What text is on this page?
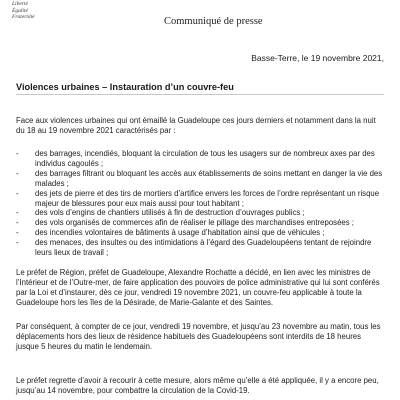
Liberté
Égalité
Fraternité	Communiqué de presse
Basse-Terre, le 19 novembre 2021,
Violences urbaines – Instauration d’un couvre-feu

Face aux violences urbaines qui ont émaillé la Guadeloupe ces jours derniers et notamment dans la nuit du 18 au 19 novembre 2021 caractérisés par :

- des barrages, incendiés, bloquant la circulation de tous les usagers sur de nombreux axes par des individus cagoulés ;
- des barrages filtrant ou bloquant les accès aux établissements de soins mettant en danger la vie des malades ;
- des jets de pierre et des tirs de mortiers d’artifice envers les forces de l’ordre représentant un risque majeur de blessures pour eux mais aussi pour tout habitant ;
- des vols d’engins de chantiers utilisés à fin de destruction d’ouvrages publics ;
- des vols organisés de commerces afin de réaliser le pillage des marchandises entreposées ;
- des incendies volontaires de bâtiments à usage d’habitation ainsi que de véhicules ;
- des menaces, des insultes ou des intimidations à l’égard des Guadeloupéens tentant de rejoindre leurs lieux de travail ;

Le préfet de Région, préfet de Guadeloupe, Alexandre Rochatte a décidé, en lien avec les ministres de l’Intérieur et de l’Outre-mer, de faire application des pouvoirs de police administrative qui lui sont conférés par la Loi et d’instaurer, dès ce jour, vendredi 19 novembre 2021, un couvre-feu applicable à toute la Guadeloupe hors les îles de la Désirade, de Marie-Galante et des Saintes.

Par conséquent, à compter de ce jour, vendredi 19 novembre, et jusqu’au 23 novembre au matin, tous les déplacements hors des lieux de résidence habituels des Guadeloupéens sont interdits de 18 heures jusque 5 heures du matin le lendemain.

Le préfet regrette d’avoir à recourir à cette mesure, alors même qu’elle a été appliquée, il y a encore peu, jusqu’au 14 novembre, pour combattre la circulation de la Covid-19.
